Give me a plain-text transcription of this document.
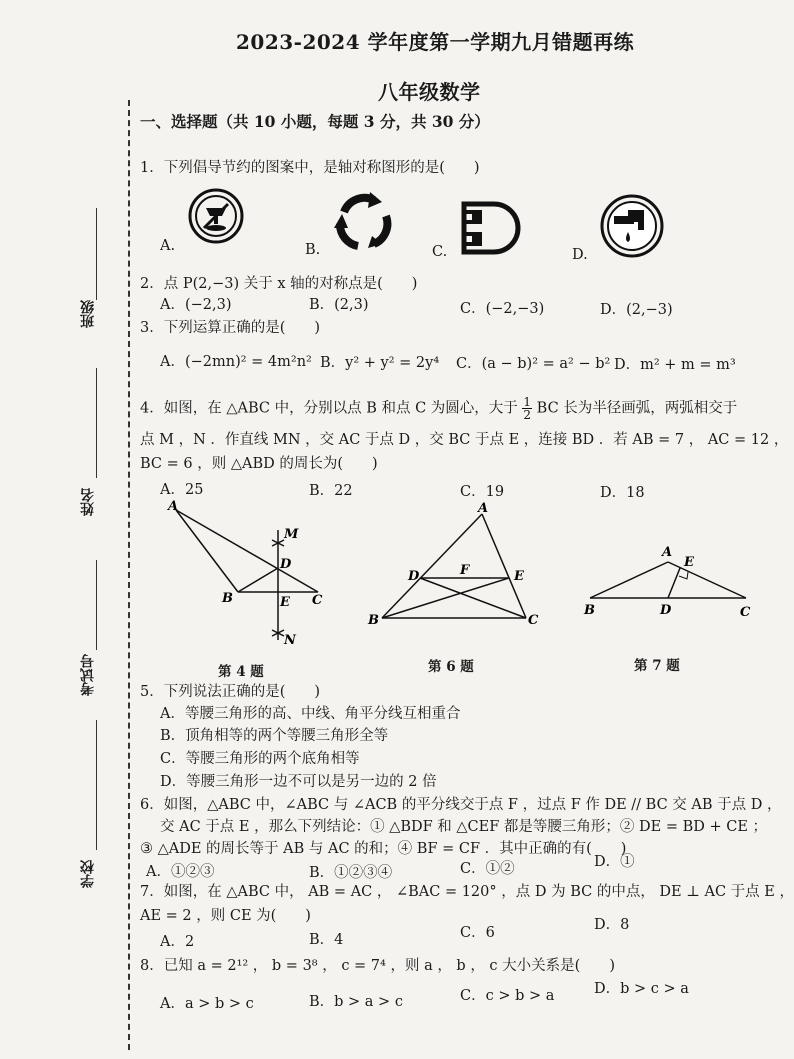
2023-2024 学年度第一学期九月错题再练
八年级数学
班级
姓名
考试号
学校
一、选择题（共 10 小题，每题 3 分，共 30 分）
1．下列倡导节约的图案中，是轴对称图形的是(　　)
A.	B.	C.	D.
2．点 P(2,−3) 关于 x 轴的对称点是(　　)
A．(−2,3)	B．(2,3)	C．(−2,−3)	D．(2,−3)
3．下列运算正确的是(　　)
A．(−2mn)² = 4m²n² B．y² + y² = 2y⁴ C．(a − b)² = a² − b² D．m² + m = m³
4．如图，在 △ABC 中，分别以点 B 和点 C 为圆心，大于 $\frac{1}{2}$ BC 长为半径画弧，两弧相交于
点 M ，N ．作直线 MN ，交 AC 于点 D ，交 BC 于点 E ，连接 BD ．若 AB = 7 ， AC = 12 ，
BC = 6 ，则 △ABD 的周长为(　　)
A．25	B．22	C．19	D．18
A
B	C
D
E
M
N
第 4 题
A
B	C
D	E
F
第 6 题
A
B	C
D
E
第 7 题
5．下列说法正确的是(　　)
A．等腰三角形的高、中线、角平分线互相重合
B．顶角相等的两个等腰三角形全等
C．等腰三角形的两个底角相等
D．等腰三角形一边不可以是另一边的 2 倍
6．如图，△ABC 中，∠ABC 与 ∠ACB 的平分线交于点 F ，过点 F 作 DE // BC 交 AB 于点 D ，
交 AC 于点 E ，那么下列结论：① △BDF 和 △CEF 都是等腰三角形；② DE = BD + CE ；
③ △ADE 的周长等于 AB 与 AC 的和；④ BF = CF ．其中正确的有(　　)
A．①②③	B．①②③④	C．①②	D．①
7．如图，在 △ABC 中， AB = AC ， ∠BAC = 120° ，点 D 为 BC 的中点， DE ⊥ AC 于点 E ，
AE = 2 ，则 CE 为(　　)
A．2	B．4	C．6	D．8
8．已知 a = 2¹² ， b = 3⁸ ， c = 7⁴ ，则 a ， b ， c 大小关系是(　　)
A．a > b > c	B．b > a > c	C．c > b > a	D．b > c > a
